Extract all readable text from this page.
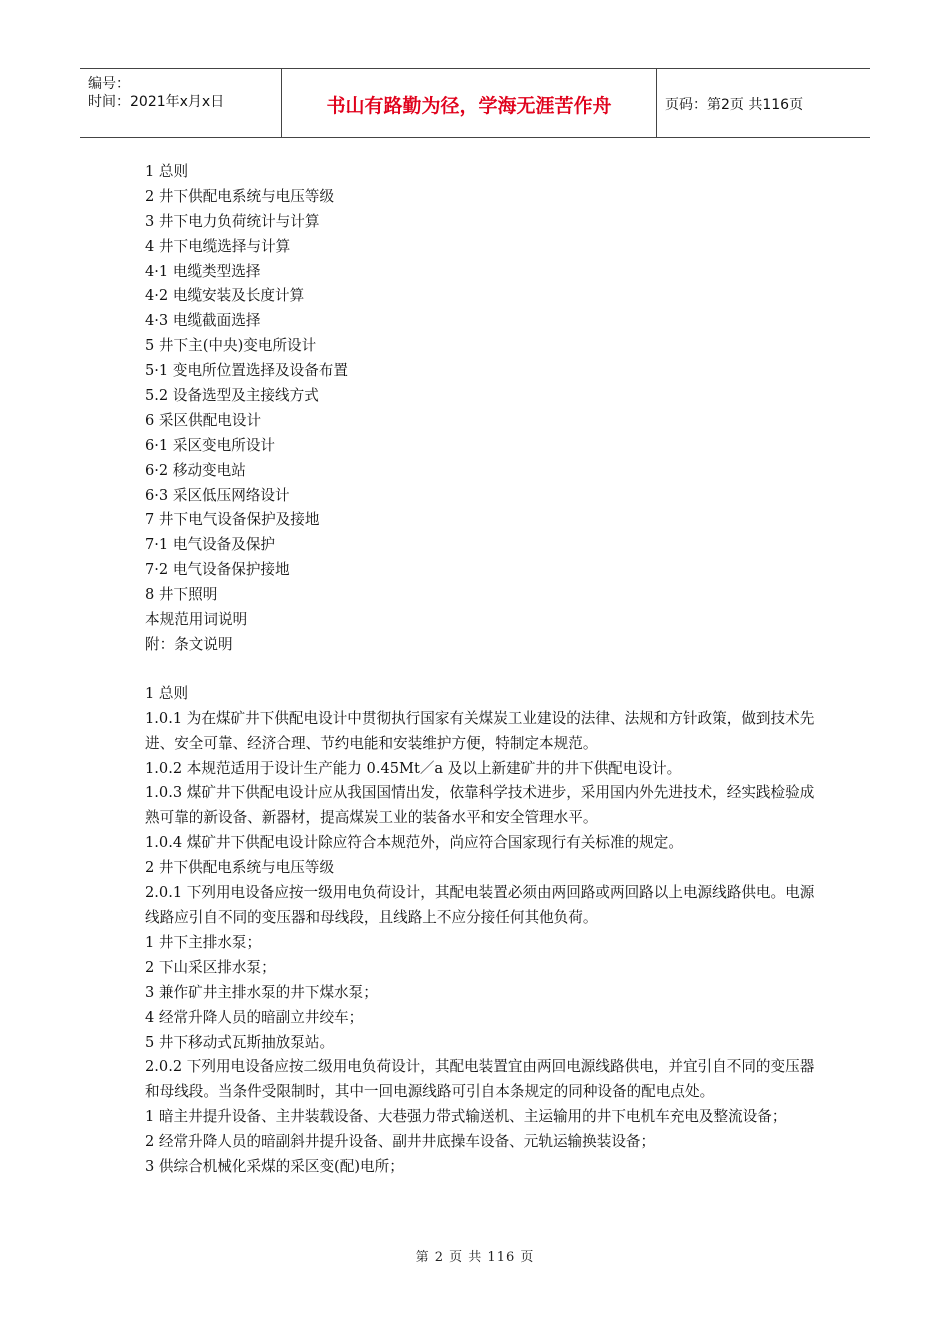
编号：
时间：2021年x月x日	书山有路勤为径，学海无涯苦作舟	页码：第2页 共116页
1 总则
2 井下供配电系统与电压等级
3 井下电力负荷统计与计算
4 井下电缆选择与计算
4·1 电缆类型选择
4·2 电缆安装及长度计算
4·3 电缆截面选择
5 井下主(中央)变电所设计
5·1 变电所位置选择及设备布置
5.2 设备选型及主接线方式
6 采区供配电设计
6·1 采区变电所设计
6·2 移动变电站
6·3 采区低压网络设计
7 井下电气设备保护及接地
7·1 电气设备及保护
7·2 电气设备保护接地
8 井下照明
本规范用词说明
附：条文说明
1 总则
1.0.1 为在煤矿井下供配电设计中贯彻执行国家有关煤炭工业建设的法律、法规和方针政策，做到技术先进、安全可靠、经济合理、节约电能和安装维护方便，特制定本规范。
1.0.2 本规范适用于设计生产能力 0.45Mt／a 及以上新建矿井的井下供配电设计。
1.0.3 煤矿井下供配电设计应从我国国情出发，依靠科学技术进步，采用国内外先进技术，经实践检验成熟可靠的新设备、新器材，提高煤炭工业的装备水平和安全管理水平。
1.0.4 煤矿井下供配电设计除应符合本规范外，尚应符合国家现行有关标准的规定。
2 井下供配电系统与电压等级
2.0.1 下列用电设备应按一级用电负荷设计，其配电装置必须由两回路或两回路以上电源线路供电。电源线路应引自不同的变压器和母线段，且线路上不应分接任何其他负荷。
1 井下主排水泵；
2 下山采区排水泵；
3 兼作矿井主排水泵的井下煤水泵；
4 经常升降人员的暗副立井绞车；
5 井下移动式瓦斯抽放泵站。
2.0.2 下列用电设备应按二级用电负荷设计，其配电装置宜由两回电源线路供电，并宜引自不同的变压器和母线段。当条件受限制时，其中一回电源线路可引自本条规定的同种设备的配电点处。
1 暗主井提升设备、主井装载设备、大巷强力带式输送机、主运输用的井下电机车充电及整流设备；
2 经常升降人员的暗副斜井提升设备、副井井底操车设备、元轨运输换装设备；
3 供综合机械化采煤的采区变(配)电所；
第 2 页 共 116 页
